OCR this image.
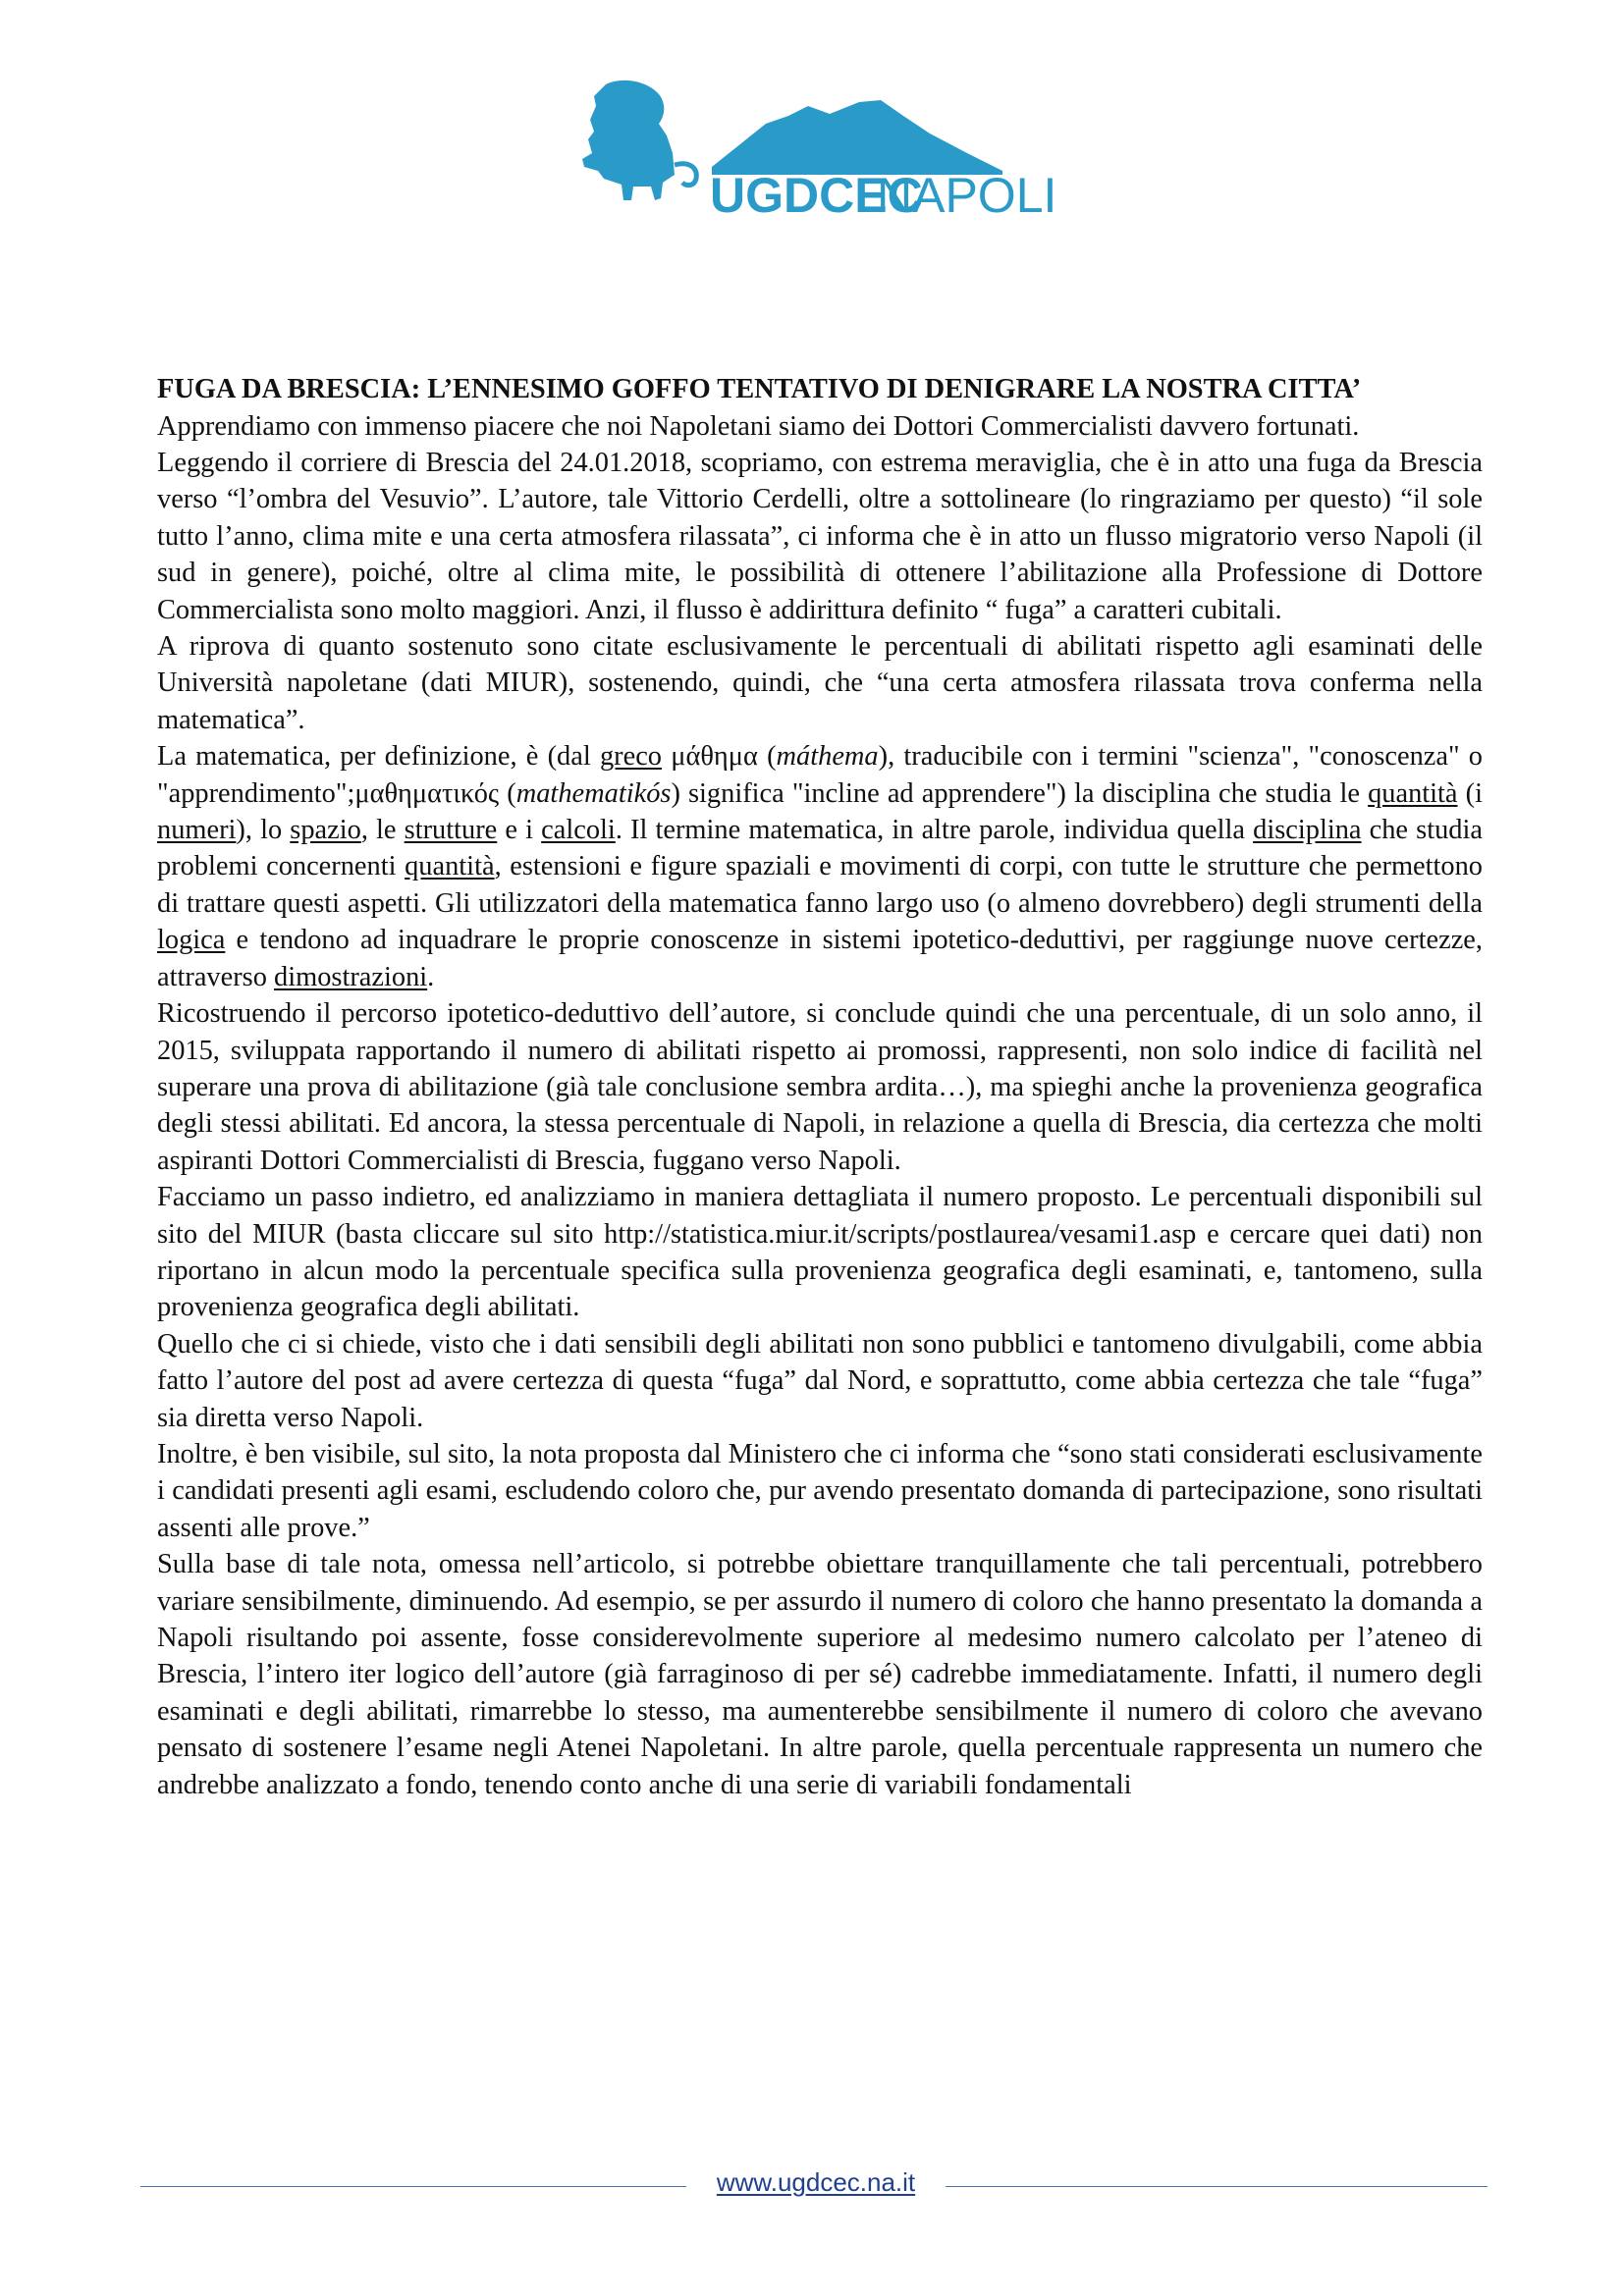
UGDCEC
NAPOLI
FUGA DA BRESCIA: L’ENNESIMO GOFFO TENTATIVO DI DENIGRARE LA NOSTRA CITTA’

Apprendiamo con immenso piacere che noi Napoletani siamo dei Dottori Commercialisti davvero fortunati.

Leggendo il corriere di Brescia del 24.01.2018, scopriamo, con estrema meraviglia, che è in atto una fuga da Brescia verso “l’ombra del Vesuvio”. L’autore, tale Vittorio Cerdelli, oltre a sottolineare (lo ringraziamo per questo) “il sole tutto l’anno, clima mite e una certa atmosfera rilassata”, ci informa che è in atto un flusso migratorio verso Napoli (il sud in genere), poiché, oltre al clima mite, le possibilità di ottenere l’abilitazione alla Professione di Dottore Commercialista sono molto maggiori. Anzi, il flusso è addirittura definito “ fuga” a caratteri cubitali.

A riprova di quanto sostenuto sono citate esclusivamente le percentuali di abilitati rispetto agli esaminati delle Università napoletane (dati MIUR), sostenendo, quindi, che “una certa atmosfera rilassata trova conferma nella matematica”.

La matematica, per definizione, è (dal greco μάθημα (máthema), traducibile con i termini "scienza", "conoscenza" o "apprendimento";μαθηματικός (mathematikós) significa "incline ad apprendere") la disciplina che studia le quantità (i numeri), lo spazio, le strutture e i calcoli. Il termine matematica, in altre parole, individua quella disciplina che studia problemi concernenti quantità, estensioni e figure spaziali e movimenti di corpi, con tutte le strutture che permettono di trattare questi aspetti. Gli utilizzatori della matematica fanno largo uso (o almeno dovrebbero) degli strumenti della logica e tendono ad inquadrare le proprie conoscenze in sistemi ipotetico-deduttivi, per raggiunge nuove certezze, attraverso dimostrazioni.

Ricostruendo il percorso ipotetico-deduttivo dell’autore, si conclude quindi che una percentuale, di un solo anno, il 2015, sviluppata rapportando il numero di abilitati rispetto ai promossi, rappresenti, non solo indice di facilità nel superare una prova di abilitazione (già tale conclusione sembra ardita…), ma spieghi anche la provenienza geografica degli stessi abilitati. Ed ancora, la stessa percentuale di Napoli, in relazione a quella di Brescia, dia certezza che molti aspiranti Dottori Commercialisti di Brescia, fuggano verso Napoli.

Facciamo un passo indietro, ed analizziamo in maniera dettagliata il numero proposto. Le percentuali disponibili sul sito del MIUR (basta cliccare sul sito http://statistica.miur.it/scripts/postlaurea/vesami1.asp e cercare quei dati) non riportano in alcun modo la percentuale specifica sulla provenienza geografica degli esaminati, e, tantomeno, sulla provenienza geografica degli abilitati.

Quello che ci si chiede, visto che i dati sensibili degli abilitati non sono pubblici e tantomeno divulgabili, come abbia fatto l’autore del post ad avere certezza di questa “fuga” dal Nord, e soprattutto, come abbia certezza che tale “fuga” sia diretta verso Napoli.

Inoltre, è ben visibile, sul sito, la nota proposta dal Ministero che ci informa che “sono stati considerati esclusivamente i candidati presenti agli esami, escludendo coloro che, pur avendo presentato domanda di partecipazione, sono risultati assenti alle prove.”

Sulla base di tale nota, omessa nell’articolo, si potrebbe obiettare tranquillamente che tali percentuali, potrebbero variare sensibilmente, diminuendo. Ad esempio, se per assurdo il numero di coloro che hanno presentato la domanda a Napoli risultando poi assente, fosse considerevolmente superiore al medesimo numero calcolato per l’ateneo di Brescia, l’intero iter logico dell’autore (già farraginoso di per sé) cadrebbe immediatamente. Infatti, il numero degli esaminati e degli abilitati, rimarrebbe lo stesso, ma aumenterebbe sensibilmente il numero di coloro che avevano pensato di sostenere l’esame negli Atenei Napoletani. In altre parole, quella percentuale rappresenta un numero che andrebbe analizzato a fondo, tenendo conto anche di una serie di variabili fondamentali

www.ugdcec.na.it
